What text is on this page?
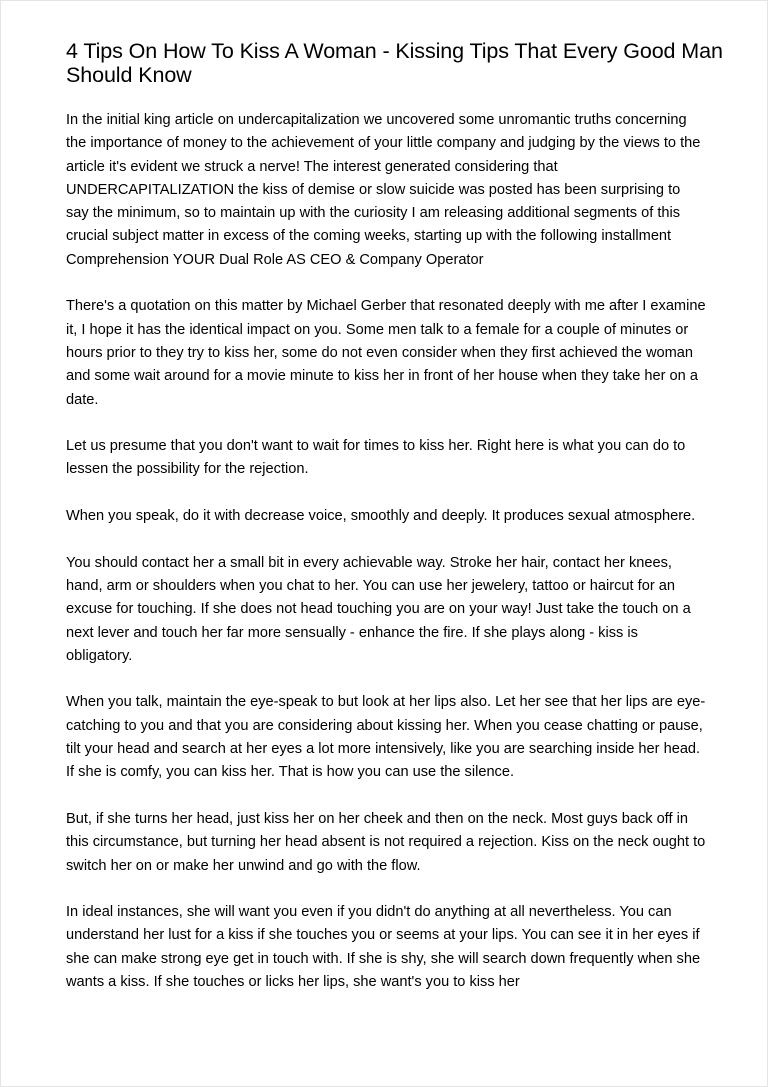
4 Tips On How To Kiss A Woman - Kissing Tips That Every Good Man Should Know

In the initial king article on undercapitalization we uncovered some unromantic truths concerning the importance of money to the achievement of your little company and judging by the views to the article it's evident we struck a nerve! The interest generated considering that UNDERCAPITALIZATION the kiss of demise or slow suicide was posted has been surprising to say the minimum, so to maintain up with the curiosity I am releasing additional segments of this crucial subject matter in excess of the coming weeks, starting up with the following installment Comprehension YOUR Dual Role AS CEO & Company Operator

There's a quotation on this matter by Michael Gerber that resonated deeply with me after I examine it, I hope it has the identical impact on you. Some men talk to a female for a couple of minutes or hours prior to they try to kiss her, some do not even consider when they first achieved the woman and some wait around for a movie minute to kiss her in front of her house when they take her on a date.

Let us presume that you don't want to wait for times to kiss her. Right here is what you can do to lessen the possibility for the rejection.

When you speak, do it with decrease voice, smoothly and deeply. It produces sexual atmosphere.

You should contact her a small bit in every achievable way. Stroke her hair, contact her knees, hand, arm or shoulders when you chat to her. You can use her jewelery, tattoo or haircut for an excuse for touching. If she does not head touching you are on your way! Just take the touch on a next lever and touch her far more sensually - enhance the fire. If she plays along - kiss is obligatory.

When you talk, maintain the eye-speak to but look at her lips also. Let her see that her lips are eye-catching to you and that you are considering about kissing her. When you cease chatting or pause, tilt your head and search at her eyes a lot more intensively, like you are searching inside her head. If she is comfy, you can kiss her. That is how you can use the silence.

But, if she turns her head, just kiss her on her cheek and then on the neck. Most guys back off in this circumstance, but turning her head absent is not required a rejection. Kiss on the neck ought to switch her on or make her unwind and go with the flow.

In ideal instances, she will want you even if you didn't do anything at all nevertheless. You can understand her lust for a kiss if she touches you or seems at your lips. You can see it in her eyes if she can make strong eye get in touch with. If she is shy, she will search down frequently when she wants a kiss. If she touches or licks her lips, she want's you to kiss her
